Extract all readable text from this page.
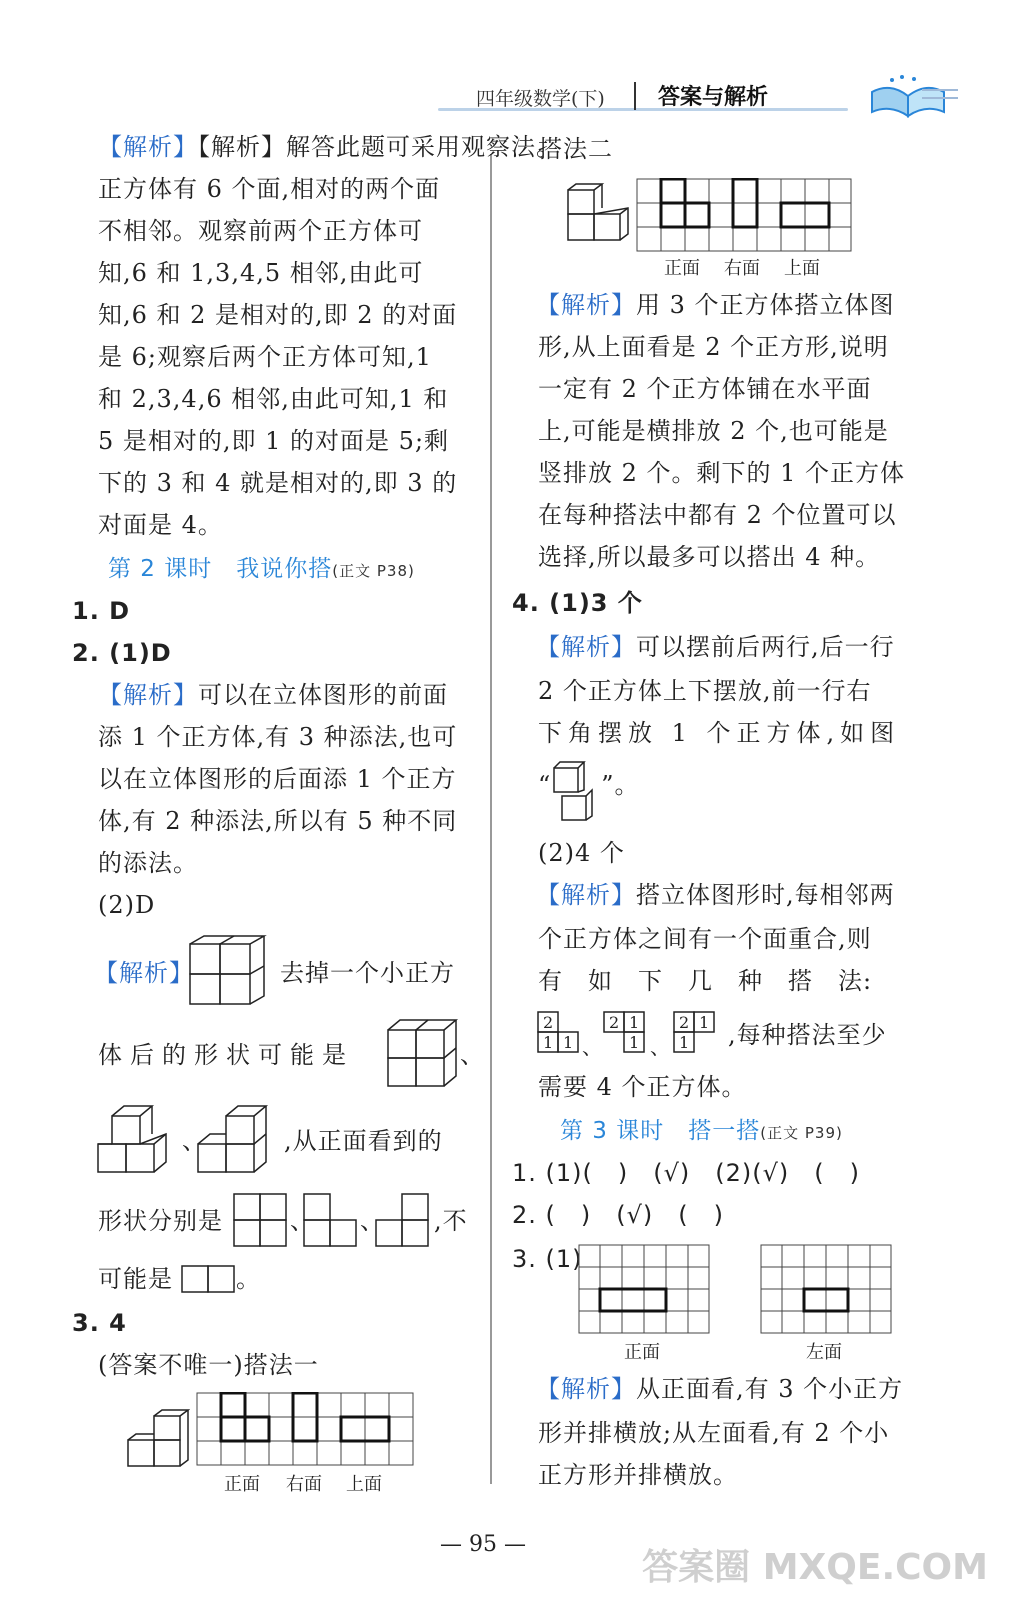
四年级数学(下) 答案与解析
【解析】【解析】解答此题可采用观察法。
正方体有 6 个面,相对的两个面
不相邻。观察前两个正方体可
知,6 和 1,3,4,5 相邻,由此可
知,6 和 2 是相对的,即 2 的对面
是 6;观察后两个正方体可知,1
和 2,3,4,6 相邻,由此可知,1 和
5 是相对的,即 1 的对面是 5;剩
下的 3 和 4 就是相对的,即 3 的
对面是 4。
第 2 课时　我说你搭(正文 P38)
1. D
2. (1)D
【解析】可以在立体图形的前面
添 1 个正方体,有 3 种添法,也可
以在立体图形的后面添 1 个正方
体,有 2 种添法,所以有 5 种不同
的添法。
(2)D
【解析】	去掉一个小正方
体后的形状可能是	、
、	,从正面看到的
形状分别是	、 、 ,不
可能是	。
3. 4
(答案不唯一)搭法一
正面 右面 上面
搭法二
正面 右面 上面
【解析】用 3 个正方体搭立体图
形,从上面看是 2 个正方形,说明
一定有 2 个正方体铺在水平面
上,可能是横排放 2 个,也可能是
竖排放 2 个。剩下的 1 个正方体
在每种搭法中都有 2 个位置可以
选择,所以最多可以搭出 4 种。
4. (1)3 个
【解析】可以摆前后两行,后一行
2 个正方体上下摆放,前一行右
下角摆放 1 个正方体,如图
“　　”。
(2)4 个
【解析】搭立体图形时,每相邻两
个正方体之间有一个面重合,则
有　如　下　几　种　搭　法:
2
1 1
2 1
1
2 1
1
、 、 ,每种搭法至少
需要 4 个正方体。
第 3 课时　搭一搭(正文 P39)
1. (1)(　)　(√)　(2)(√)　(　)
2. (　)　(√)　(　)
3. (1)
正面	左面
【解析】从正面看,有 3 个小正方
形并排横放;从左面看,有 2 个小
正方形并排横放。
— 95 —
答案圈 MXQE.COM
